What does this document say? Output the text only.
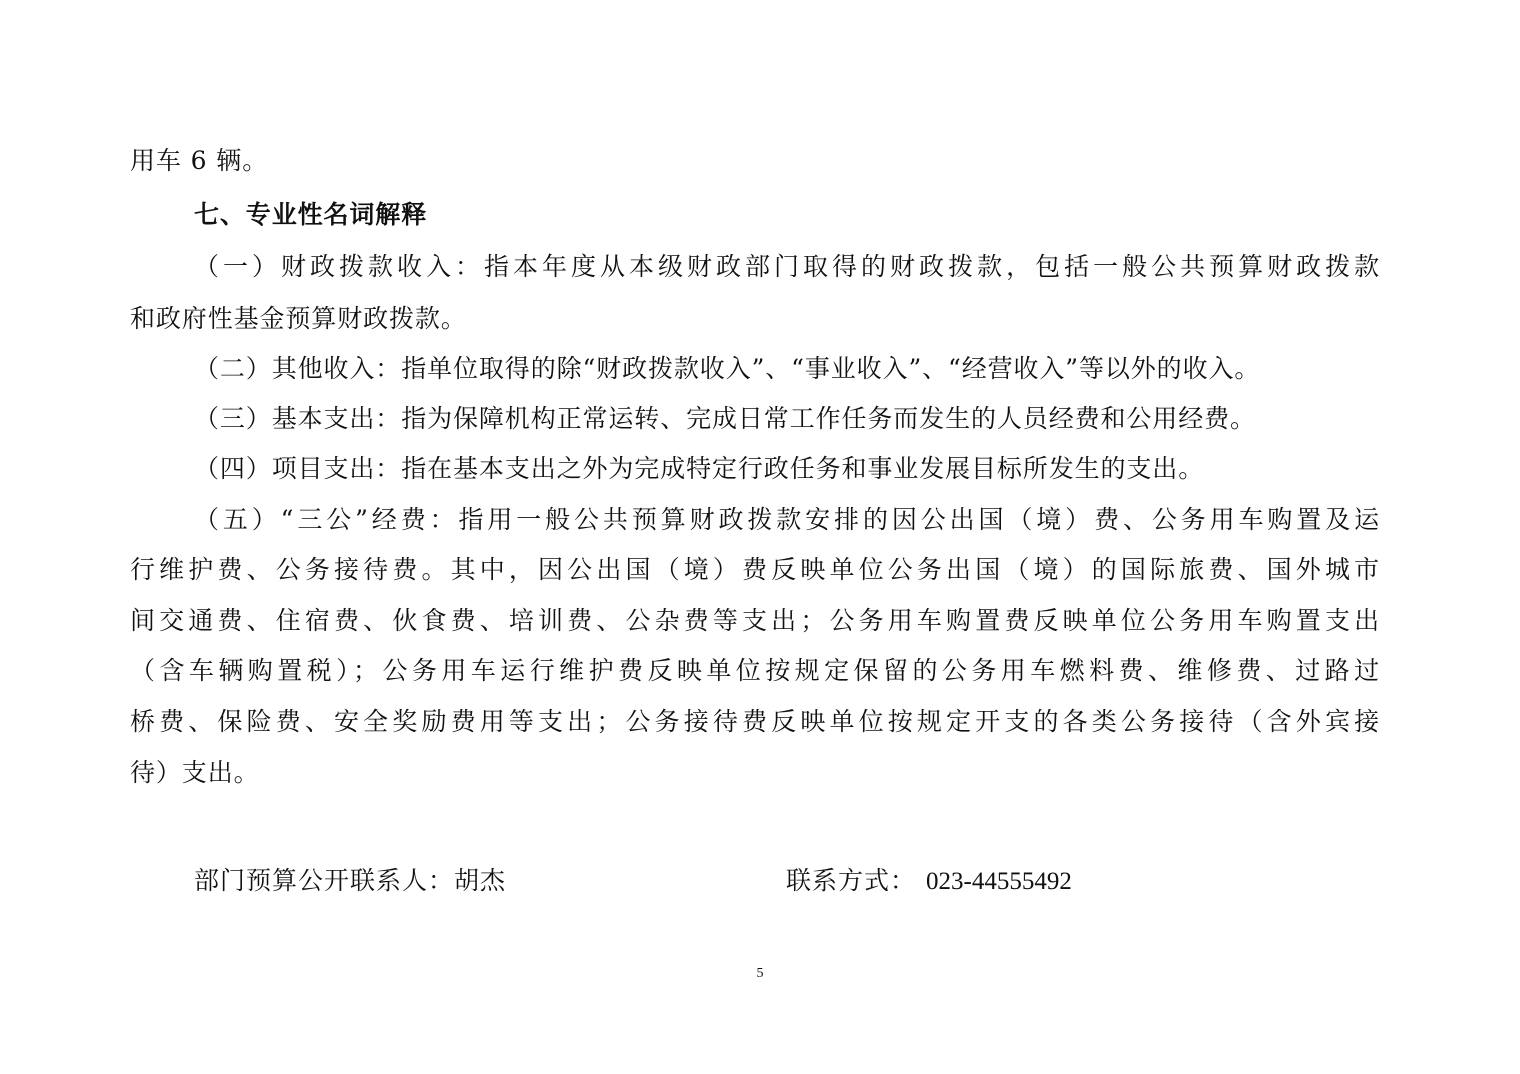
用车 6 辆。
七、专业性名词解释
（一）财政拨款收入：指本年度从本级财政部门取得的财政拨款，包括一般公共预算财政拨款
和政府性基金预算财政拨款。
（二）其他收入：指单位取得的除“财政拨款收入”、“事业收入”、“经营收入”等以外的收入。
（三）基本支出：指为保障机构正常运转、完成日常工作任务而发生的人员经费和公用经费。
（四）项目支出：指在基本支出之外为完成特定行政任务和事业发展目标所发生的支出。
（五）“三公”经费：指用一般公共预算财政拨款安排的因公出国（境）费、公务用车购置及运
行维护费、公务接待费。其中，因公出国（境）费反映单位公务出国（境）的国际旅费、国外城市
间交通费、住宿费、伙食费、培训费、公杂费等支出；公务用车购置费反映单位公务用车购置支出
（含车辆购置税）；公务用车运行维护费反映单位按规定保留的公务用车燃料费、维修费、过路过
桥费、保险费、安全奖励费用等支出；公务接待费反映单位按规定开支的各类公务接待（含外宾接
待）支出。
部门预算公开联系人：胡杰	联系方式： 023-44555492
5
